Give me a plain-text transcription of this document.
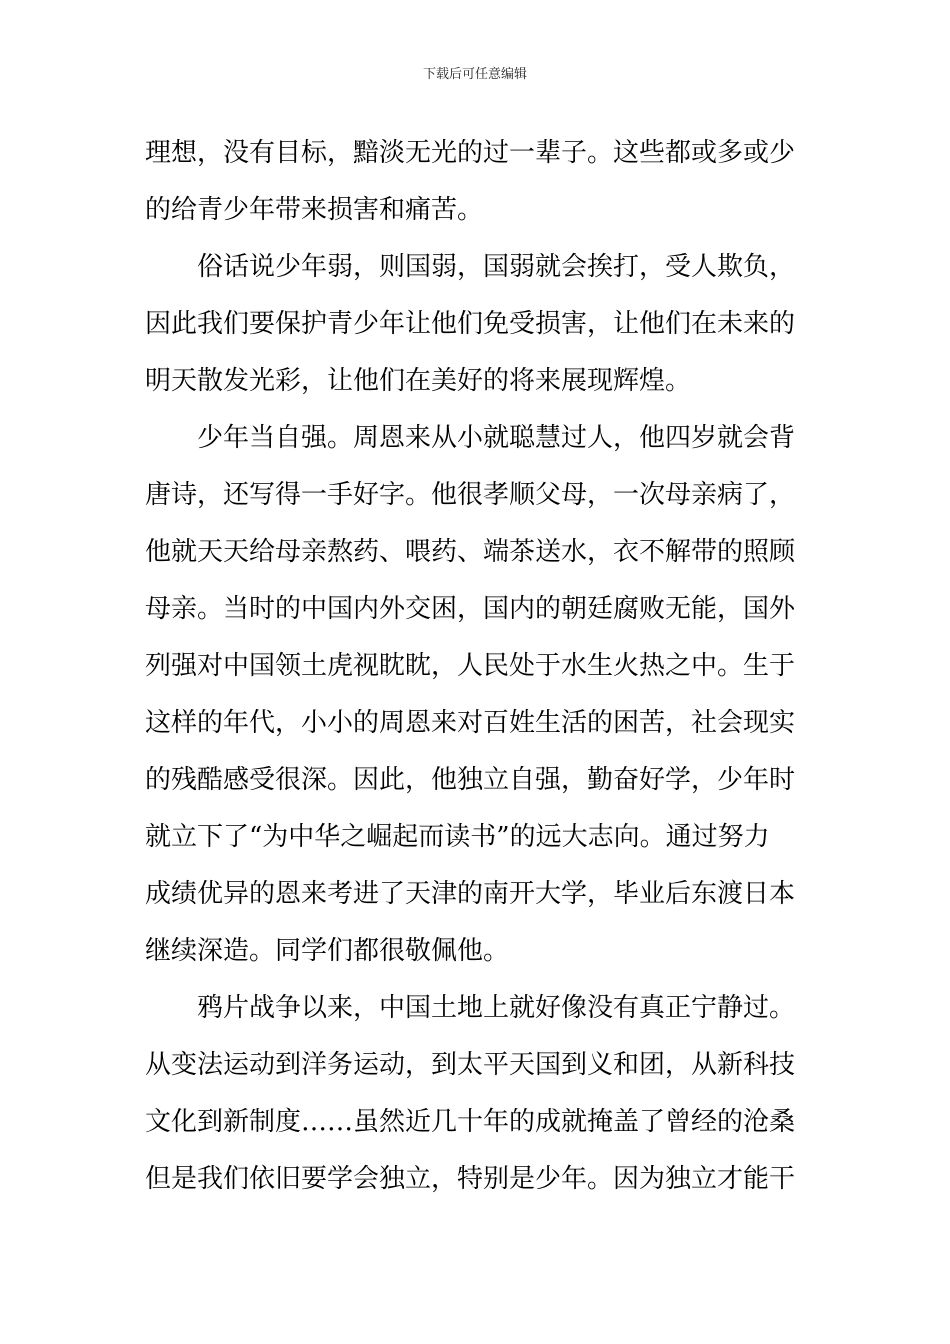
下载后可任意编辑
理想，没有目标，黯淡无光的过一辈子。这些都或多或少
的给青少年带来损害和痛苦。
俗话说少年弱，则国弱，国弱就会挨打，受人欺负，
因此我们要保护青少年让他们免受损害，让他们在未来的
明天散发光彩，让他们在美好的将来展现辉煌。
少年当自强。周恩来从小就聪慧过人，他四岁就会背
唐诗，还写得一手好字。他很孝顺父母，一次母亲病了，
他就天天给母亲熬药、喂药、端茶送水，衣不解带的照顾
母亲。当时的中国内外交困，国内的朝廷腐败无能，国外
列强对中国领土虎视眈眈，人民处于水生火热之中。生于
这样的年代，小小的周恩来对百姓生活的困苦，社会现实
的残酷感受很深。因此，他独立自强，勤奋好学，少年时
就立下了“为中华之崛起而读书”的远大志向。通过努力
成绩优异的恩来考进了天津的南开大学，毕业后东渡日本
继续深造。同学们都很敬佩他。
鸦片战争以来，中国土地上就好像没有真正宁静过。
从变法运动到洋务运动，到太平天国到义和团，从新科技
文化到新制度……虽然近几十年的成就掩盖了曾经的沧桑
但是我们依旧要学会独立，特别是少年。因为独立才能干
